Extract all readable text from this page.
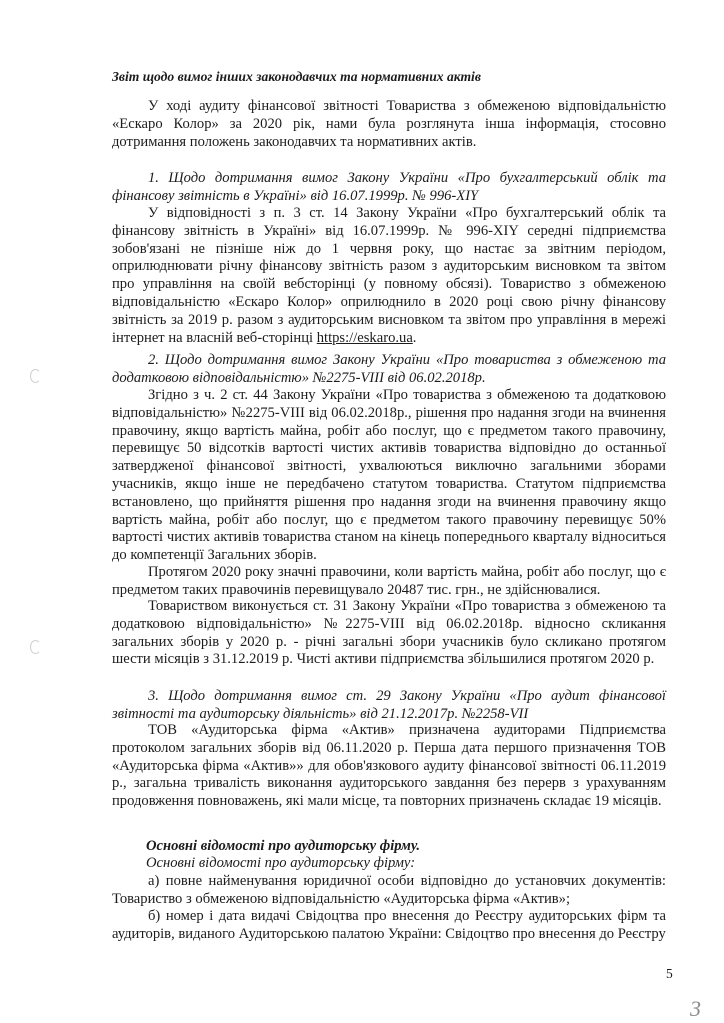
Звіт щодо вимог інших законодавчих та нормативних актів

У ході аудиту фінансової звітності Товариства з обмеженою відповідальністю «Ескаро Колор» за 2020 рік, нами була розглянута інша інформація, стосовно дотримання положень законодавчих та нормативних актів.

1. Щодо дотримання вимог Закону України «Про бухгалтерський облік та фінансову звітність в Україні» від 16.07.1999р. № 996-XIY

У відповідності з п. 3 ст. 14 Закону України «Про бухгалтерський облік та фінансову звітність в Україні» від 16.07.1999р. № 996-XIY середні підприємства зобов'язані не пізніше ніж до 1 червня року, що настає за звітним періодом, оприлюднювати річну фінансову звітність разом з аудиторським висновком та звітом про управління на своїй вебсторінці (у повному обсязі). Товариство з обмеженою відповідальністю «Ескаро Колор» оприлюднило в 2020 році свою річну фінансову звітність за 2019 р. разом з аудиторським висновком та звітом про управління в мережі інтернет на власній веб-сторінці https://eskaro.ua.

2. Щодо дотримання вимог Закону України «Про товариства з обмеженою та додатковою відповідальністю» №2275-VIII від 06.02.2018р.

Згідно з ч. 2 ст. 44 Закону України «Про товариства з обмеженою та додатковою відповідальністю» №2275-VIII від 06.02.2018р., рішення про надання згоди на вчинення правочину, якщо вартість майна, робіт або послуг, що є предметом такого правочину, перевищує 50 відсотків вартості чистих активів товариства відповідно до останньої затвердженої фінансової звітності, ухвалюються виключно загальними зборами учасників, якщо інше не передбачено статутом товариства. Статутом підприємства встановлено, що прийняття рішення про надання згоди на вчинення правочину якщо вартість майна, робіт або послуг, що є предметом такого правочину перевищує 50% вартості чистих активів товариства станом на кінець попереднього кварталу відноситься до компетенції Загальних зборів.

Протягом 2020 року значні правочини, коли вартість майна, робіт або послуг, що є предметом таких правочинів перевищувало 20487 тис. грн., не здійснювалися.

Товариством виконується ст. 31 Закону України «Про товариства з обмеженою та додатковою відповідальністю» №2275-VIII від 06.02.2018р. відносно скликання загальних зборів у 2020 р. - річні загальні збори учасників було скликано протягом шести місяців з 31.12.2019 р. Чисті активи підприємства збільшилися протягом 2020 р.

3. Щодо дотримання вимог ст. 29 Закону України «Про аудит фінансової звітності та аудиторську діяльність» від 21.12.2017р. №2258-VII

ТОВ «Аудиторська фірма «Актив» призначена аудиторами Підприємства протоколом загальних зборів від 06.11.2020 р. Перша дата першого призначення ТОВ «Аудиторська фірма «Актив»» для обов'язкового аудиту фінансової звітності 06.11.2019 р., загальна тривалість виконання аудиторського завдання без перерв з урахуванням продовження повноважень, які мали місце, та повторних призначень складає 19 місяців.

Основні відомості про аудиторську фірму.

Основні відомості про аудиторську фірму:

а) повне найменування юридичної особи відповідно до установчих документів: Товариство з обмеженою відповідальністю «Аудиторська фірма «Актив»;

б) номер і дата видачі Свідоцтва про внесення до Реєстру аудиторських фірм та аудиторів, виданого Аудиторською палатою України: Свідоцтво про внесення до Реєстру

5
3
